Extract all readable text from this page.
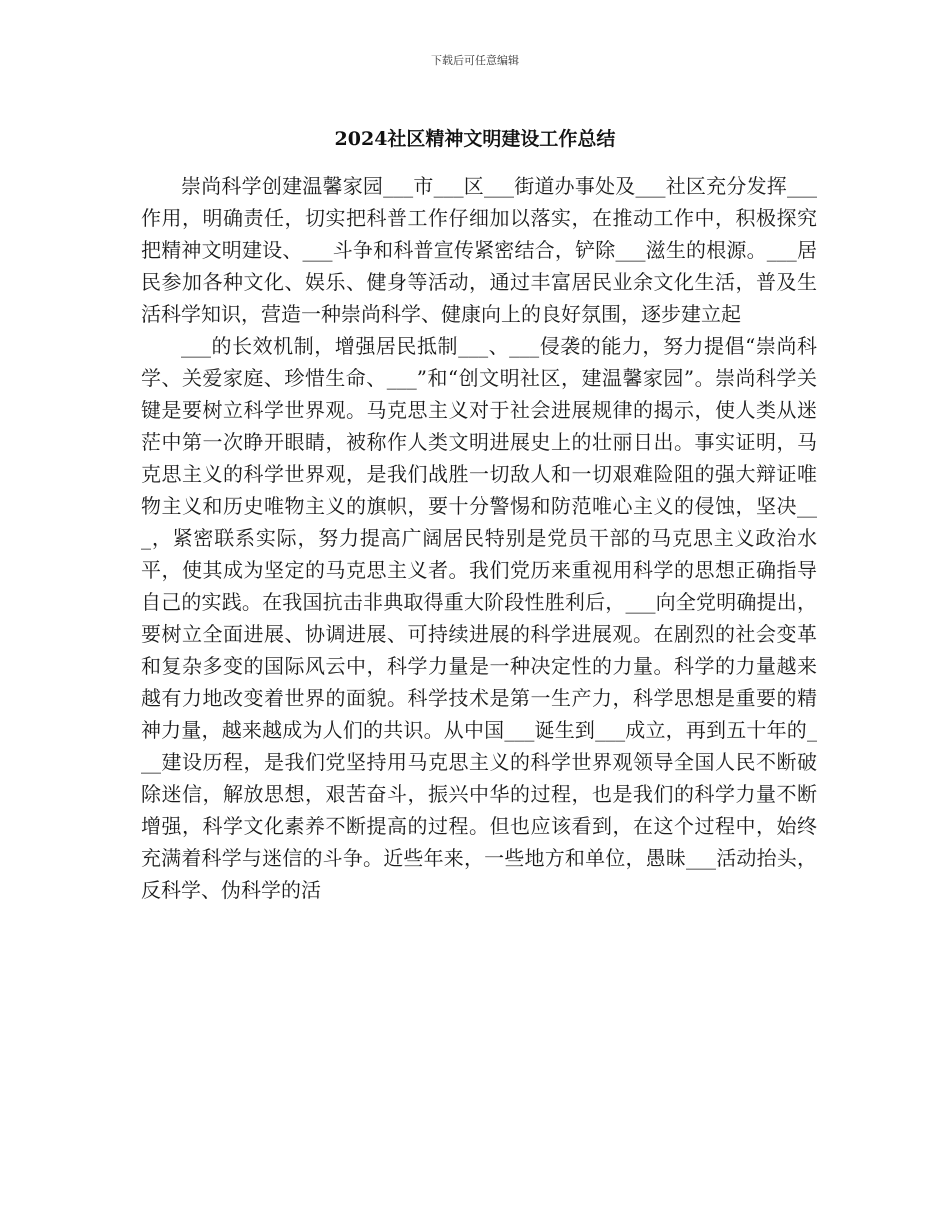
下载后可任意编辑
2024社区精神文明建设工作总结

崇尚科学创建温馨家园___市___区___街道办事处及___社区充分发挥___作用，明确责任，切实把科普工作仔细加以落实，在推动工作中，积极探究把精神文明建设、___斗争和科普宣传紧密结合，铲除___滋生的根源。___居民参加各种文化、娱乐、健身等活动，通过丰富居民业余文化生活，普及生活科学知识，营造一种崇尚科学、健康向上的良好氛围，逐步建立起

___的长效机制，增强居民抵制___、___侵袭的能力，努力提倡“崇尚科学、关爱家庭、珍惜生命、___”和“创文明社区，建温馨家园”。崇尚科学关键是要树立科学世界观。马克思主义对于社会进展规律的揭示，使人类从迷茫中第一次睁开眼睛，被称作人类文明进展史上的壮丽日出。事实证明，马克思主义的科学世界观，是我们战胜一切敌人和一切艰难险阻的强大辩证唯物主义和历史唯物主义的旗帜，要十分警惕和防范唯心主义的侵蚀，坚决___，紧密联系实际，努力提高广阔居民特别是党员干部的马克思主义政治水平，使其成为坚定的马克思主义者。我们党历来重视用科学的思想正确指导自己的实践。在我国抗击非典取得重大阶段性胜利后，___向全党明确提出，要树立全面进展、协调进展、可持续进展的科学进展观。在剧烈的社会变革和复杂多变的国际风云中，科学力量是一种决定性的力量。科学的力量越来越有力地改变着世界的面貌。科学技术是第一生产力，科学思想是重要的精神力量，越来越成为人们的共识。从中国___诞生到___成立，再到五十年的___建设历程，是我们党坚持用马克思主义的科学世界观领导全国人民不断破除迷信，解放思想，艰苦奋斗，振兴中华的过程，也是我们的科学力量不断增强，科学文化素养不断提高的过程。但也应该看到，在这个过程中，始终充满着科学与迷信的斗争。近些年来，一些地方和单位，愚昧___活动抬头，反科学、伪科学的活
